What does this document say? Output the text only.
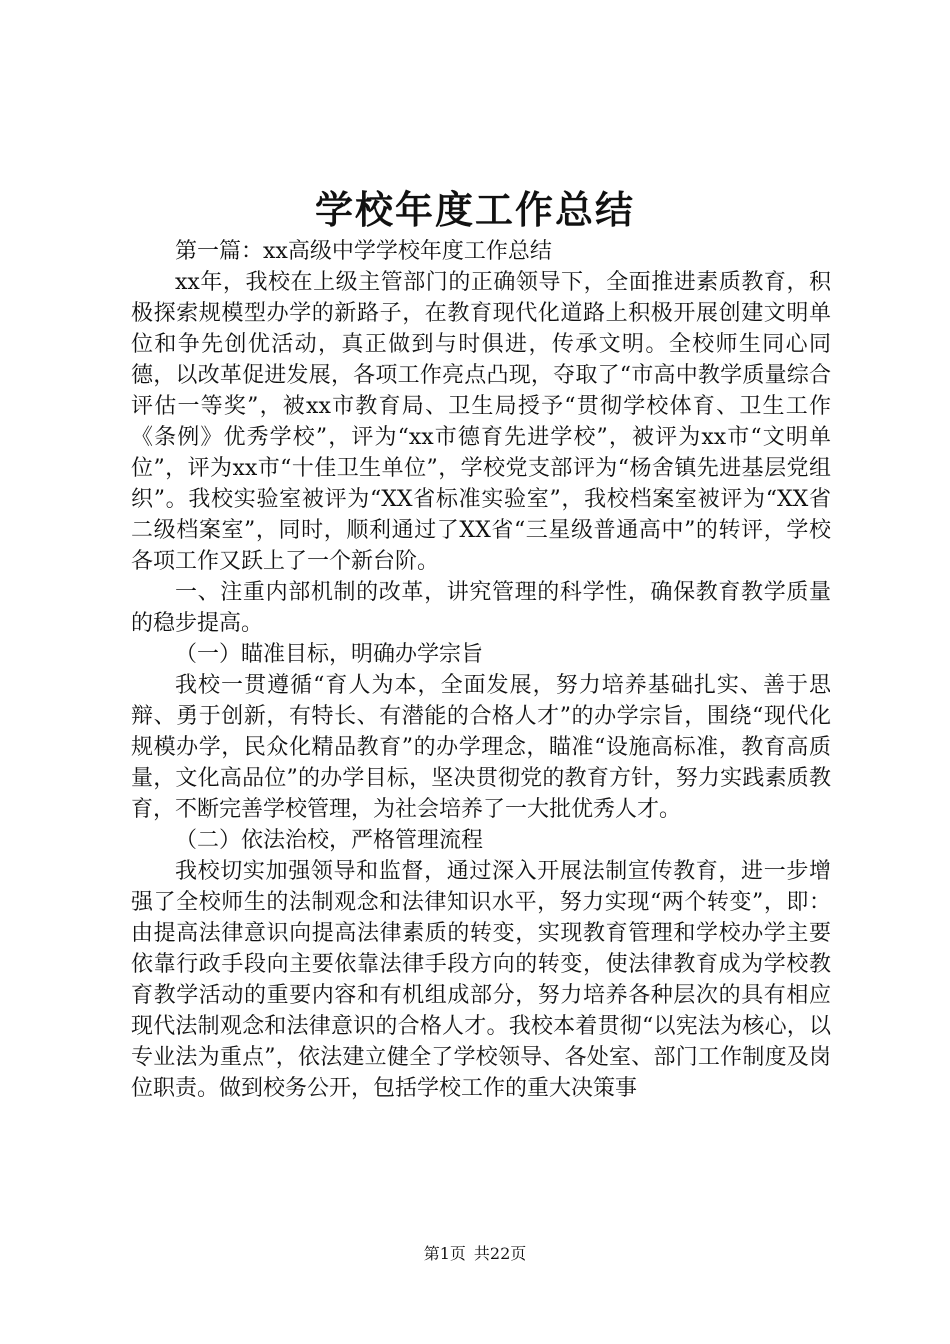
学校年度工作总结

第一篇：xx高级中学学校年度工作总结

xx年，我校在上级主管部门的正确领导下，全面推进素质教育，积极探索规模型办学的新路子，在教育现代化道路上积极开展创建文明单位和争先创优活动，真正做到与时俱进，传承文明。全校师生同心同德，以改革促进发展，各项工作亮点凸现，夺取了“市高中教学质量综合评估一等奖”，被xx市教育局、卫生局授予“贯彻学校体育、卫生工作《条例》优秀学校”，评为“xx市德育先进学校”，被评为xx市“文明单位”，评为xx市“十佳卫生单位”，学校党支部评为“杨舍镇先进基层党组织”。我校实验室被评为“XX省标准实验室”，我校档案室被评为“XX省二级档案室”，同时，顺利通过了XX省“三星级普通高中”的转评，学校各项工作又跃上了一个新台阶。

一、注重内部机制的改革，讲究管理的科学性，确保教育教学质量的稳步提高。

（一）瞄准目标，明确办学宗旨

我校一贯遵循“育人为本，全面发展，努力培养基础扎实、善于思辩、勇于创新，有特长、有潜能的合格人才”的办学宗旨，围绕“现代化规模办学，民众化精品教育”的办学理念，瞄准“设施高标准，教育高质量，文化高品位”的办学目标，坚决贯彻党的教育方针，努力实践素质教育，不断完善学校管理，为社会培养了一大批优秀人才。

（二）依法治校，严格管理流程

我校切实加强领导和监督，通过深入开展法制宣传教育，进一步增强了全校师生的法制观念和法律知识水平，努力实现“两个转变”，即：由提高法律意识向提高法律素质的转变，实现教育管理和学校办学主要依靠行政手段向主要依靠法律手段方向的转变，使法律教育成为学校教育教学活动的重要内容和有机组成部分，努力培养各种层次的具有相应现代法制观念和法律意识的合格人才。我校本着贯彻“以宪法为核心，以专业法为重点”，依法建立健全了学校领导、各处室、部门工作制度及岗位职责。做到校务公开，包括学校工作的重大决策事

第1页 共22页
